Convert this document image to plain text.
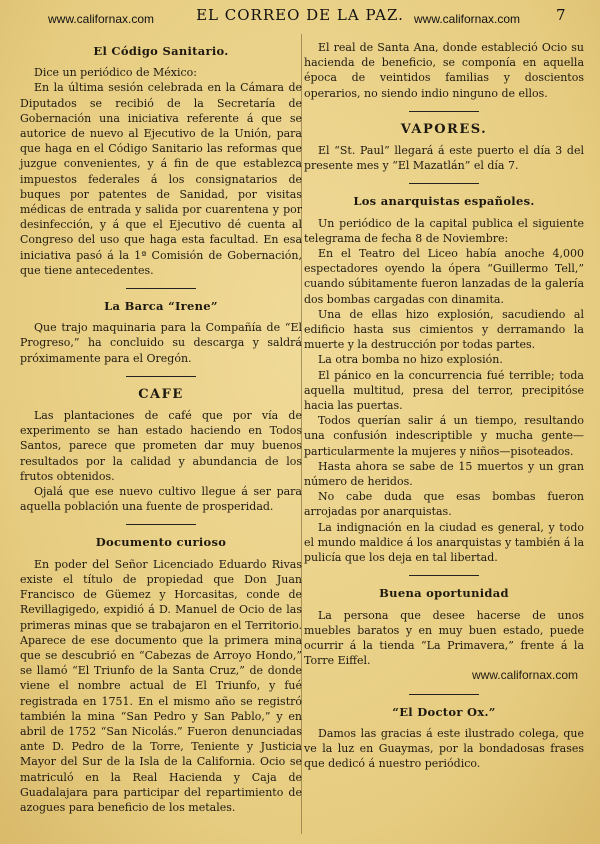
www.californax.com	EL CORREO DE LA PAZ. www.californax.com 7
El Código Sanitario.

Dice un periódico de México:

En la última sesión celebrada en la Cámara de Diputados se recibió de la Secretaría de Gobernación una iniciativa referente á que se autorice de nuevo al Ejecutivo de la Unión, para que haga en el Código Sanitario las reformas que juzgue convenientes, y á fin de que establezca impuestos federales á los consignatarios de buques por patentes de Sanidad, por visitas médicas de entrada y salida por cuarentena y por desinfección, y á que el Ejecutivo dé cuenta al Congreso del uso que haga esta facultad. En esa iniciativa pasó á la 1ª Comisión de Gobernación, que tiene antecedentes.

La Barca “Irene”

Que trajo maquinaria para la Compañía de “El Progreso,” ha concluido su descarga y saldrá próximamente para el Oregón.

CAFE

Las plantaciones de café que por vía de experimento se han estado haciendo en Todos Santos, parece que prometen dar muy buenos resultados por la calidad y abundancia de los frutos obtenidos.

Ojalá que ese nuevo cultivo llegue á ser para aquella población una fuente de prosperidad.

Documento curioso

En poder del Señor Licenciado Eduardo Rivas existe el título de propiedad que Don Juan Francisco de Güemez y Horcasitas, conde de Revillagigedo, expidió á D. Manuel de Ocio de las primeras minas que se trabajaron en el Territorio. Aparece de ese documento que la primera mina que se descubrió en “Cabezas de Arroyo Hondo,” se llamó “El Triunfo de la Santa Cruz,” de donde viene el nombre actual de El Triunfo, y fué registrada en 1751. En el mismo año se registró también la mina “San Pedro y San Pablo,” y en abril de 1752 “San Nicolás.” Fueron denunciadas ante D. Pedro de la Torre, Teniente y Justicia Mayor del Sur de la Isla de la California. Ocio se matriculó en la Real Hacienda y Caja de Guadalajara para participar del repartimiento de azogues para beneficio de los metales.

El real de Santa Ana, donde estableció Ocio su hacienda de beneficio, se componía en aquella época de veintidos familias y doscientos operarios, no siendo indio ninguno de ellos.

VAPORES.

El “St. Paul” llegará á este puerto el día 3 del presente mes y “El Mazatlán” el día 7.

Los anarquistas españoles.

Un periódico de la capital publica el siguiente telegrama de fecha 8 de Noviembre:

En el Teatro del Liceo había anoche 4,000 espectadores oyendo la ópera “Guillermo Tell,” cuando súbitamente fueron lanzadas de la galería dos bombas cargadas con dinamita.

Una de ellas hizo explosión, sacudiendo al edificio hasta sus cimientos y derramando la muerte y la destrucción por todas partes.

La otra bomba no hizo explosión.

El pánico en la concurrencia fué terrible; toda aquella multitud, presa del terror, precipitóse hacia las puertas.

Todos querían salir á un tiempo, resultando una confusión indescriptible y mucha gente—particularmente la mujeres y niños—pisoteados.

Hasta ahora se sabe de 15 muertos y un gran número de heridos.

No cabe duda que esas bombas fueron arrojadas por anarquistas.

La indignación en la ciudad es general, y todo el mundo maldice á los anarquistas y también á la pulicía que los deja en tal libertad.

Buena oportunidad

La persona que desee hacerse de unos muebles baratos y en muy buen estado, puede ocurrir á la tienda “La Primavera,” frente á la Torre Eiffel.

www.californax.com
“El Doctor Ox.”

Damos las gracias á este ilustrado colega, que ve la luz en Guaymas, por la bondadosas frases que dedicó á nuestro periódico.
